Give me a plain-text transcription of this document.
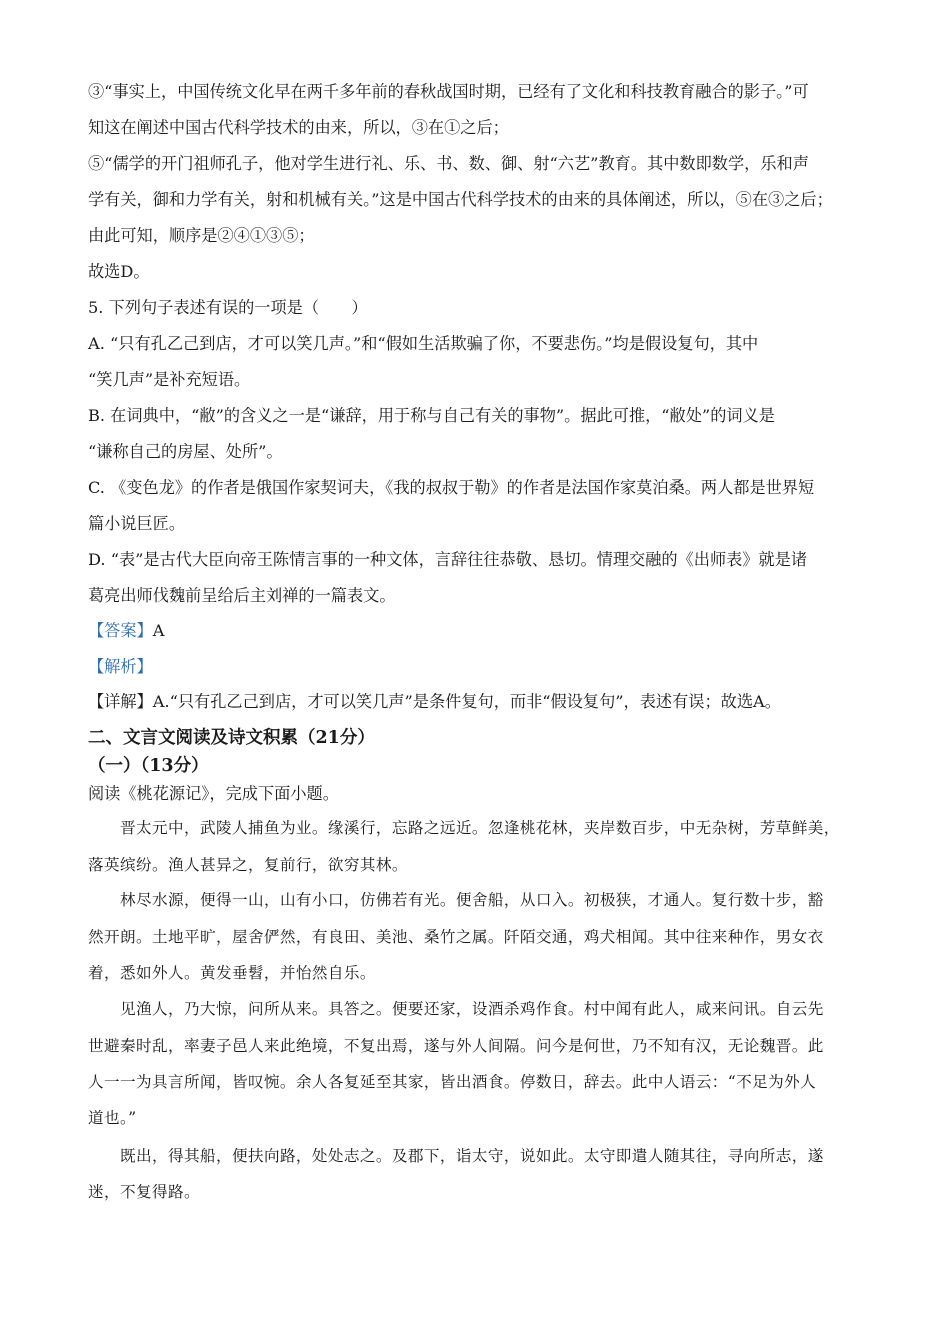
③“事实上，中国传统文化早在两千多年前的春秋战国时期，已经有了文化和科技教育融合的影子。”可
知这在阐述中国古代科学技术的由来，所以，③在①之后；
⑤“儒学的开门祖师孔子，他对学生进行礼、乐、书、数、御、射“六艺”教育。其中数即数学，乐和声
学有关，御和力学有关，射和机械有关。”这是中国古代科学技术的由来的具体阐述，所以，⑤在③之后；
由此可知，顺序是②④①③⑤；
故选D。
5. 下列句子表述有误的一项是（　　）
A. “只有孔乙己到店，才可以笑几声。”和“假如生活欺骗了你，不要悲伤。”均是假设复句，其中
“笑几声”是补充短语。
B. 在词典中，“敝”的含义之一是“谦辞，用于称与自己有关的事物”。据此可推，“敝处”的词义是
“谦称自己的房屋、处所”。
C. 《变色龙》的作者是俄国作家契诃夫，《我的叔叔于勒》的作者是法国作家莫泊桑。两人都是世界短
篇小说巨匠。
D. “表”是古代大臣向帝王陈情言事的一种文体，言辞往往恭敬、恳切。情理交融的《出师表》就是诸
葛亮出师伐魏前呈给后主刘禅的一篇表文。
【答案】A
【解析】
【详解】A.“只有孔乙己到店，才可以笑几声”是条件复句，而非“假设复句”，表述有误；故选A。
二、文言文阅读及诗文积累（21分）
（一）（13分）
阅读《桃花源记》，完成下面小题。
晋太元中，武陵人捕鱼为业。缘溪行，忘路之远近。忽逢桃花林，夹岸数百步，中无杂树，芳草鲜美，
落英缤纷。渔人甚异之，复前行，欲穷其林。
林尽水源，便得一山，山有小口，仿佛若有光。便舍船，从口入。初极狭，才通人。复行数十步，豁
然开朗。土地平旷，屋舍俨然，有良田、美池、桑竹之属。阡陌交通，鸡犬相闻。其中往来种作，男女衣
着，悉如外人。黄发垂髫，并怡然自乐。
见渔人，乃大惊，问所从来。具答之。便要还家，设酒杀鸡作食。村中闻有此人，咸来问讯。自云先
世避秦时乱，率妻子邑人来此绝境，不复出焉，遂与外人间隔。问今是何世，乃不知有汉，无论魏晋。此
人一一为具言所闻，皆叹惋。余人各复延至其家，皆出酒食。停数日，辞去。此中人语云：“不足为外人
道也。”
既出，得其船，便扶向路，处处志之。及郡下，诣太守，说如此。太守即遣人随其往，寻向所志，遂
迷，不复得路。
